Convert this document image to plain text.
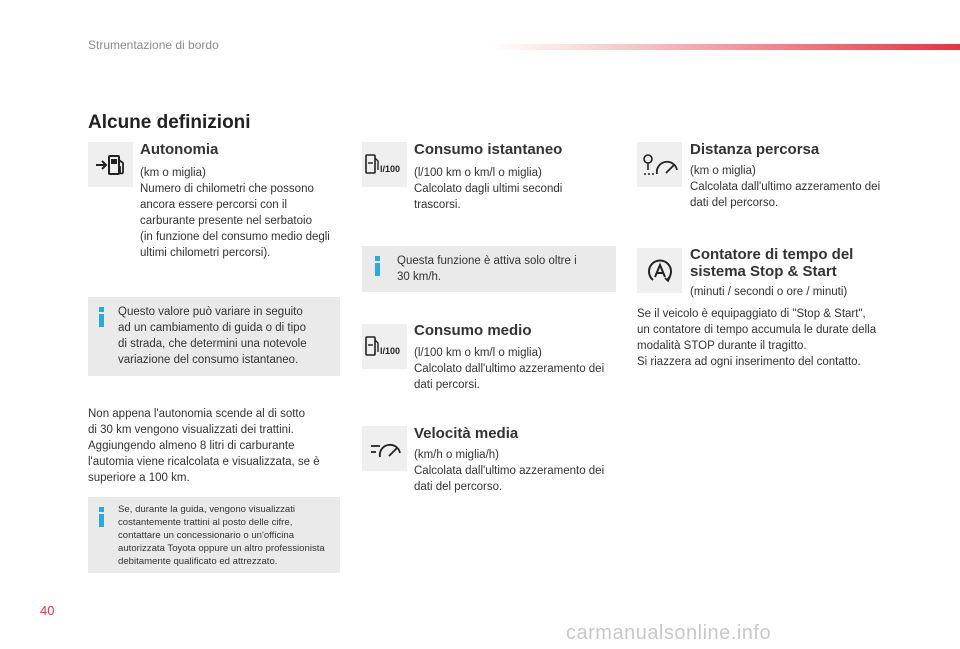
Strumentazione di bordo
Alcune definizioni
Autonomia
(km o miglia)
Numero di chilometri che possono
ancora essere percorsi con il
carburante presente nel serbatoio
(in funzione del consumo medio degli
ultimi chilometri percorsi).
Questo valore può variare in seguito
ad un cambiamento di guida o di tipo
di strada, che determini una notevole
variazione del consumo istantaneo.
Non appena l'autonomia scende al di sotto
di 30 km vengono visualizzati dei trattini.
Aggiungendo almeno 8 litri di carburante
l'automia viene ricalcolata e visualizzata, se è
superiore a 100 km.
Se, durante la guida, vengono visualizzati
costantemente trattini al posto delle cifre,
contattare un concessionario o un'officina
autorizzata Toyota oppure un altro professionista
debitamente qualificato ed attrezzato.
l/100
Consumo istantaneo
(l/100 km o km/l o miglia)
Calcolato dagli ultimi secondi
trascorsi.
Questa funzione è attiva solo oltre i
30 km/h.
l/100
Consumo medio
(l/100 km o km/l o miglia)
Calcolato dall'ultimo azzeramento dei
dati percorsi.
Velocità media
(km/h o miglia/h)
Calcolata dall'ultimo azzeramento dei
dati del percorso.
Distanza percorsa
(km o miglia)
Calcolata dall'ultimo azzeramento dei
dati del percorso.
Contatore di tempo del
sistema Stop & Start
(minuti / secondi o ore / minuti)
Se il veicolo è equipaggiato di "Stop & Start",
un contatore di tempo accumula le durate della
modalità STOP durante il tragitto.
Si riazzera ad ogni inserimento del contatto.
40
carmanualsonline.info
